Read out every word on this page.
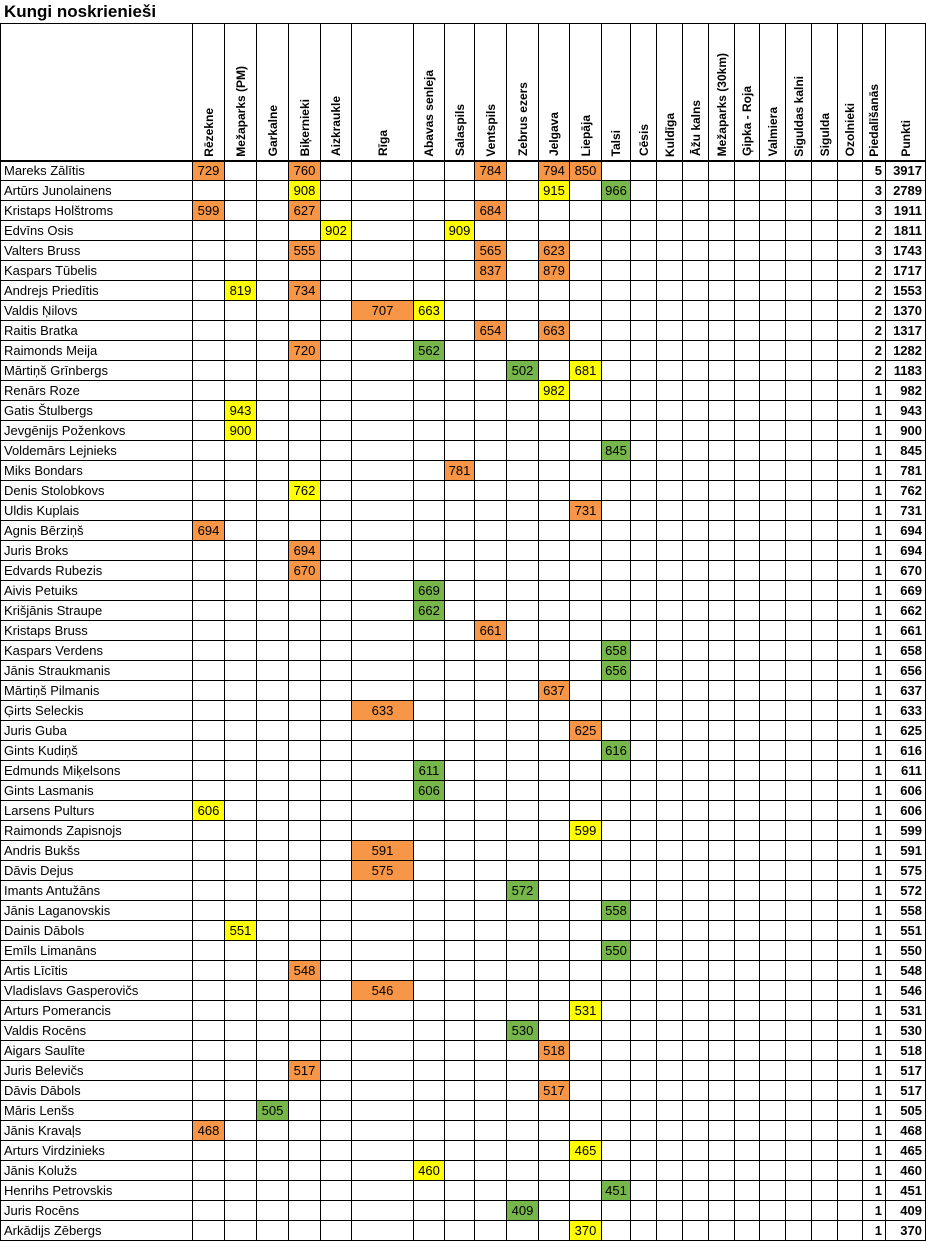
Kungi noskrienieši
	Rēzekne	Mežaparks (PM)	Garkalne	Biķernieki	Aizkraukle	Rīga	Abavas senleja	Salaspils	Ventspils	Zebrus ezers	Jelgava	Liepāja	Talsi	Cēsis	Kuldīga	Āžu kalns	Mežaparks (30km)	Ģipka - Roja	Valmiera	Siguldas kalni	Sigulda	Ozolnieki	Piedalīšanās	Punkti
Mareks Zālītis	729			760					784		794	850											5	3917
Artūrs Junolainens				908							915		966										3	2789
Kristaps Holštroms	599			627					684														3	1911
Edvīns Osis					902			909															2	1811
Valters Bruss				555					565		623												3	1743
Kaspars Tūbelis									837		879												2	1717
Andrejs Priedītis		819		734																			2	1553
Valdis Ņilovs						707	663																2	1370
Raitis Bratka									654		663												2	1317
Raimonds Meija				720			562																2	1282
Mārtiņš Grīnbergs										502		681											2	1183
Renārs Roze											982												1	982
Gatis Štulbergs		943																					1	943
Jevgēnijs Poženkovs		900																					1	900
Voldemārs Lejnieks													845										1	845
Miks Bondars								781															1	781
Denis Stolobkovs				762																			1	762
Uldis Kuplais												731											1	731
Agnis Bērziņš	694																						1	694
Juris Broks				694																			1	694
Edvards Rubezis				670																			1	670
Aivis Petuiks							669																1	669
Krišjānis Straupe							662																1	662
Kristaps Bruss									661														1	661
Kaspars Verdens													658										1	658
Jānis Straukmanis													656										1	656
Mārtiņš Pilmanis											637												1	637
Ģirts Seleckis						633																	1	633
Juris Guba												625											1	625
Gints Kudiņš													616										1	616
Edmunds Miķelsons							611																1	611
Gints Lasmanis							606																1	606
Larsens Pulturs	606																						1	606
Raimonds Zapisnojs												599											1	599
Andris Bukšs						591																	1	591
Dāvis Dejus						575																	1	575
Imants Antužāns										572													1	572
Jānis Laganovskis													558										1	558
Dainis Dābols		551																					1	551
Emīls Limanāns													550										1	550
Artis Līcītis				548																			1	548
Vladislavs Gasperovičs						546																	1	546
Arturs Pomerancis												531											1	531
Valdis Rocēns										530													1	530
Aigars Saulīte											518												1	518
Juris Belevičs				517																			1	517
Dāvis Dābols											517												1	517
Māris Lenšs			505																				1	505
Jānis Kravaļs	468																						1	468
Arturs Virdzinieks												465											1	465
Jānis Kolužs							460																1	460
Henrihs Petrovskis													451										1	451
Juris Rocēns										409													1	409
Arkādijs Zēbergs												370											1	370
